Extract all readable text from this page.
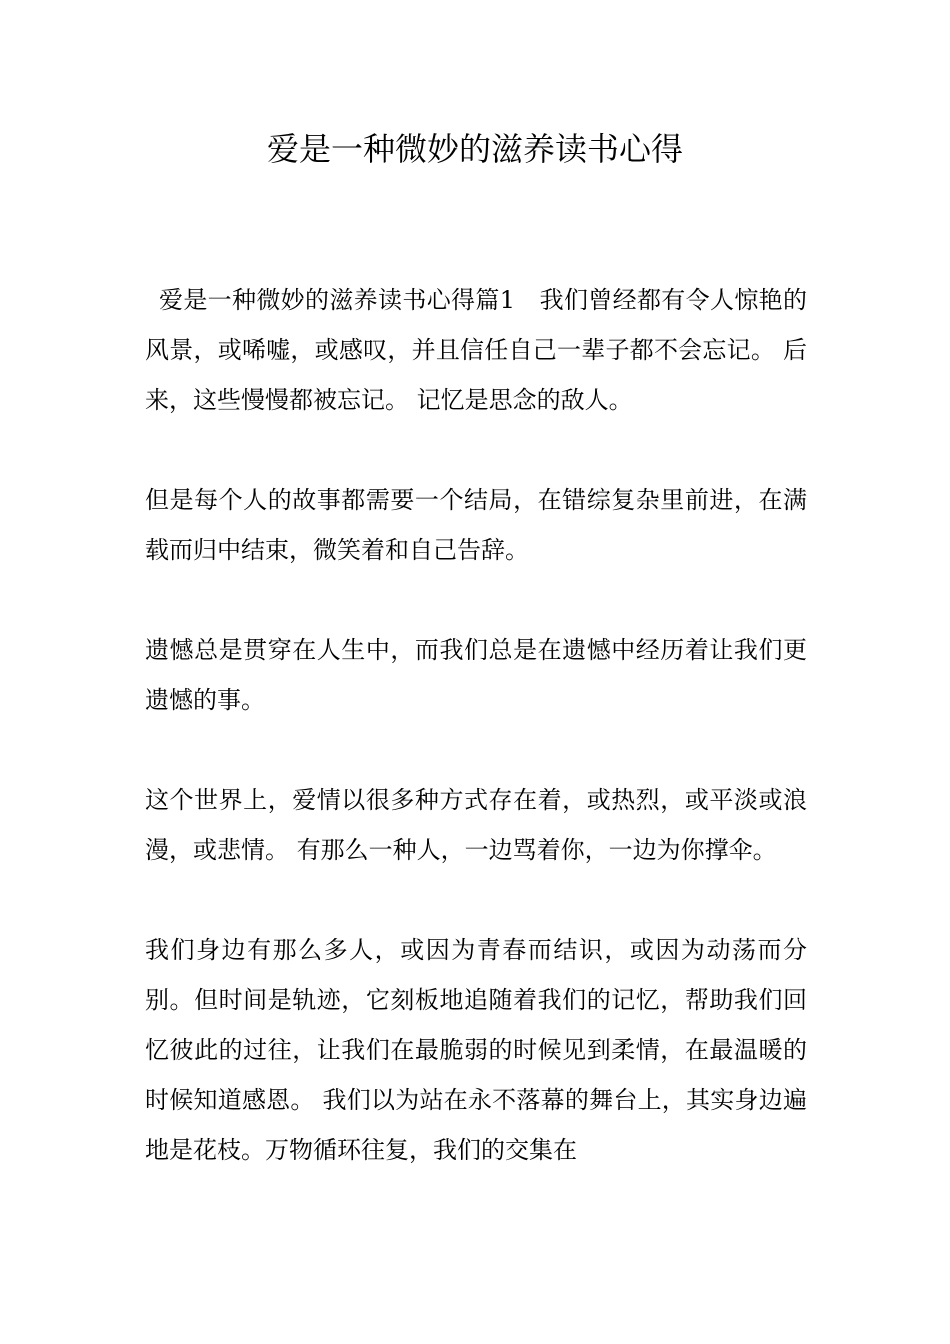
爱是一种微妙的滋养读书心得

爱是一种微妙的滋养读书心得篇1　我们曾经都有令人惊艳的风景，或唏嘘，或感叹，并且信任自己一辈子都不会忘记。 后来，这些慢慢都被忘记。 记忆是思念的敌人。

但是每个人的故事都需要一个结局，在错综复杂里前进，在满载而归中结束，微笑着和自己告辞。

遗憾总是贯穿在人生中，而我们总是在遗憾中经历着让我们更遗憾的事。

这个世界上，爱情以很多种方式存在着，或热烈，或平淡或浪漫，或悲情。 有那么一种人，一边骂着你，一边为你撑伞。

我们身边有那么多人，或因为青春而结识，或因为动荡而分别。但时间是轨迹，它刻板地追随着我们的记忆，帮助我们回忆彼此的过往，让我们在最脆弱的时候见到柔情，在最温暖的时候知道感恩。 我们以为站在永不落幕的舞台上，其实身边遍地是花枝。万物循环往复，我们的交集在
